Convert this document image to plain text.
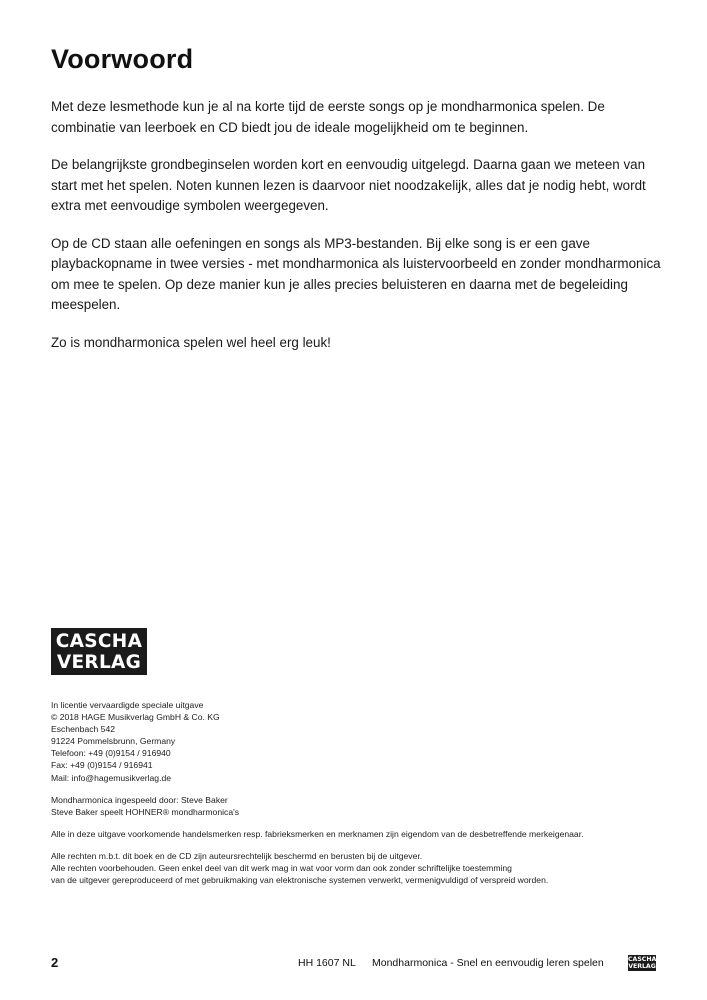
Voorwoord

Met deze lesmethode kun je al na korte tijd de eerste songs op je mondharmonica spelen. De combinatie van leerboek en CD biedt jou de ideale mogelijkheid om te beginnen.

De belangrijkste grondbeginselen worden kort en eenvoudig uitgelegd. Daarna gaan we meteen van start met het spelen. Noten kunnen lezen is daarvoor niet noodzakelijk, alles dat je nodig hebt, wordt extra met eenvoudige symbolen weergegeven.

Op de CD staan alle oefeningen en songs als MP3-bestanden. Bij elke song is er een gave playbackopname in twee versies - met mondharmonica als luistervoorbeeld en zonder mondharmonica om mee te spelen. Op deze manier kun je alles precies beluisteren en daarna met de begeleiding meespelen.

Zo is mondharmonica spelen wel heel erg leuk!

CASCHA
VERLAG
In licentie vervaardigde speciale uitgave
© 2018 HAGE Musikverlag GmbH & Co. KG
Eschenbach 542
91224 Pommelsbrunn, Germany
Telefoon: +49 (0)9154 / 916940
Fax: +49 (0)9154 / 916941
Mail: info@hagemusikverlag.de
Mondharmonica ingespeeld door: Steve Baker
Steve Baker speelt HOHNER® mondharmonica's
Alle in deze uitgave voorkomende handelsmerken resp. fabrieksmerken en merknamen zijn eigendom van de desbetreffende merkeigenaar.
Alle rechten m.b.t. dit boek en de CD zijn auteursrechtelijk beschermd en berusten bij de uitgever.
Alle rechten voorbehouden. Geen enkel deel van dit werk mag in wat voor vorm dan ook zonder schriftelijke toestemming
van de uitgever gereproduceerd of met gebruikmaking van elektronische systemen verwerkt, vermenigvuldigd of verspreid worden.
2	HH 1607 NL Mondharmonica - Snel en eenvoudig leren spelen	CASCHA
VERLAG
